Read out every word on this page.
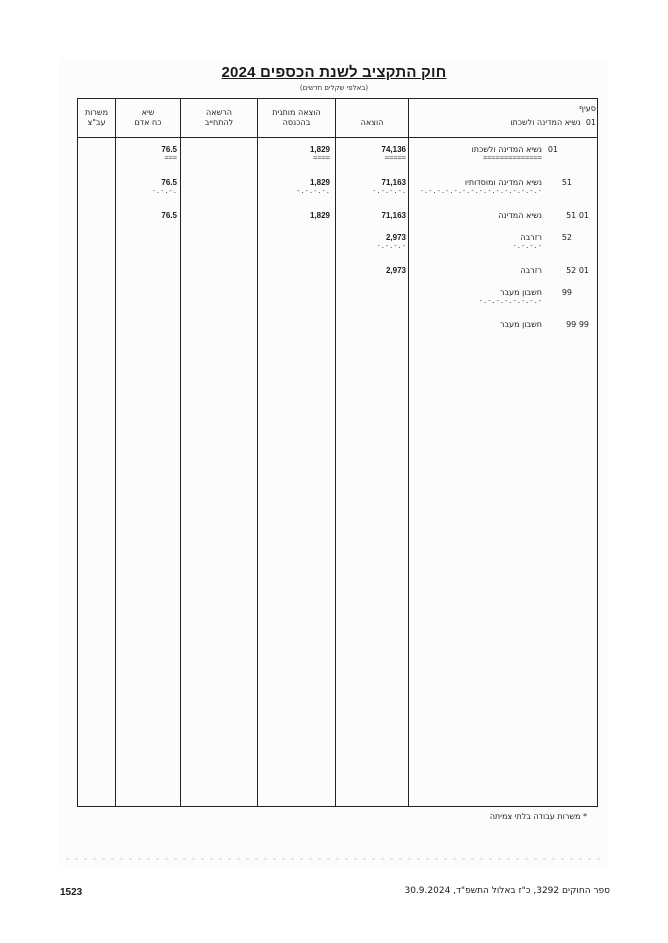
חוק התקציב לשנת הכספים 2024
(באלפי שקלים חדשים)
משרות
עב"צ
שיא
כח אדם
הרשאה
להתחייב
הוצאה מותנית
בהכנסה	הוצאה
סעיף
01  נשיא המדינה ולשכתו
01
נשיא המדינה ולשכתו
==============
74,136
=====
1,829
====
76.5
===
51
נשיא המדינה ומוסדותיו
-.-.-.-.-.-.-.-.-.-.-.-.-.-.-
71,163
-.-.-.-.
1,829
-.-.-.-.
76.5
-.-.-.
51 01
נשיא המדינה
71,163
1,829
76.5
52
רזרבה
-.-.-.-
2,973
-.-.-.-
52 01
רזרבה
2,973
99
חשבון מעבר
-.-.-.-.-.-.-.-
99 99
חשבון מעבר
* משרות עבודה בלתי צמיתה
1523	ספר החוקים 3292, כ"ז באלול התשפ"ד, 30.9.2024
